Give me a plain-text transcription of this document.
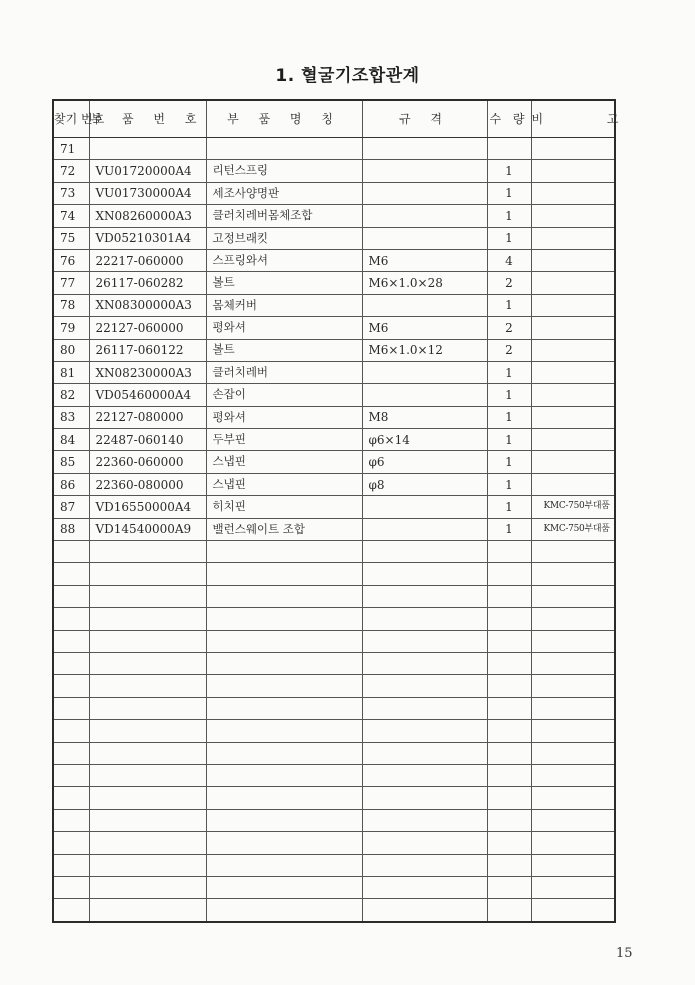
1. 혈굴기조합관계
찾기 번호	부 품 번 호	부 품 명 칭	규 격	수 량	비 고
71					
72	VU01720000A4	리턴스프링		1	
73	VU01730000A4	세조사양명판		1	
74	XN08260000A3	클러치레버몸체조합		1	
75	VD05210301A4	고정브래킷		1	
76	22217-060000	스프링와셔	M6	4	
77	26117-060282	볼트	M6×1.0×28	2	
78	XN08300000A3	몸체커버		1	
79	22127-060000	평와셔	M6	2	
80	26117-060122	볼트	M6×1.0×12	2	
81	XN08230000A3	클러치레버		1	
82	VD05460000A4	손잡이		1	
83	22127-080000	평와셔	M8	1	
84	22487-060140	두부핀	φ6×14	1	
85	22360-060000	스냅핀	φ6	1	
86	22360-080000	스냅핀	φ8	1	
87	VD16550000A4	히치핀		1	KMC-750부대품
88	VD14540000A9	밸런스웨이트 조합		1	KMC-750부대품

15
